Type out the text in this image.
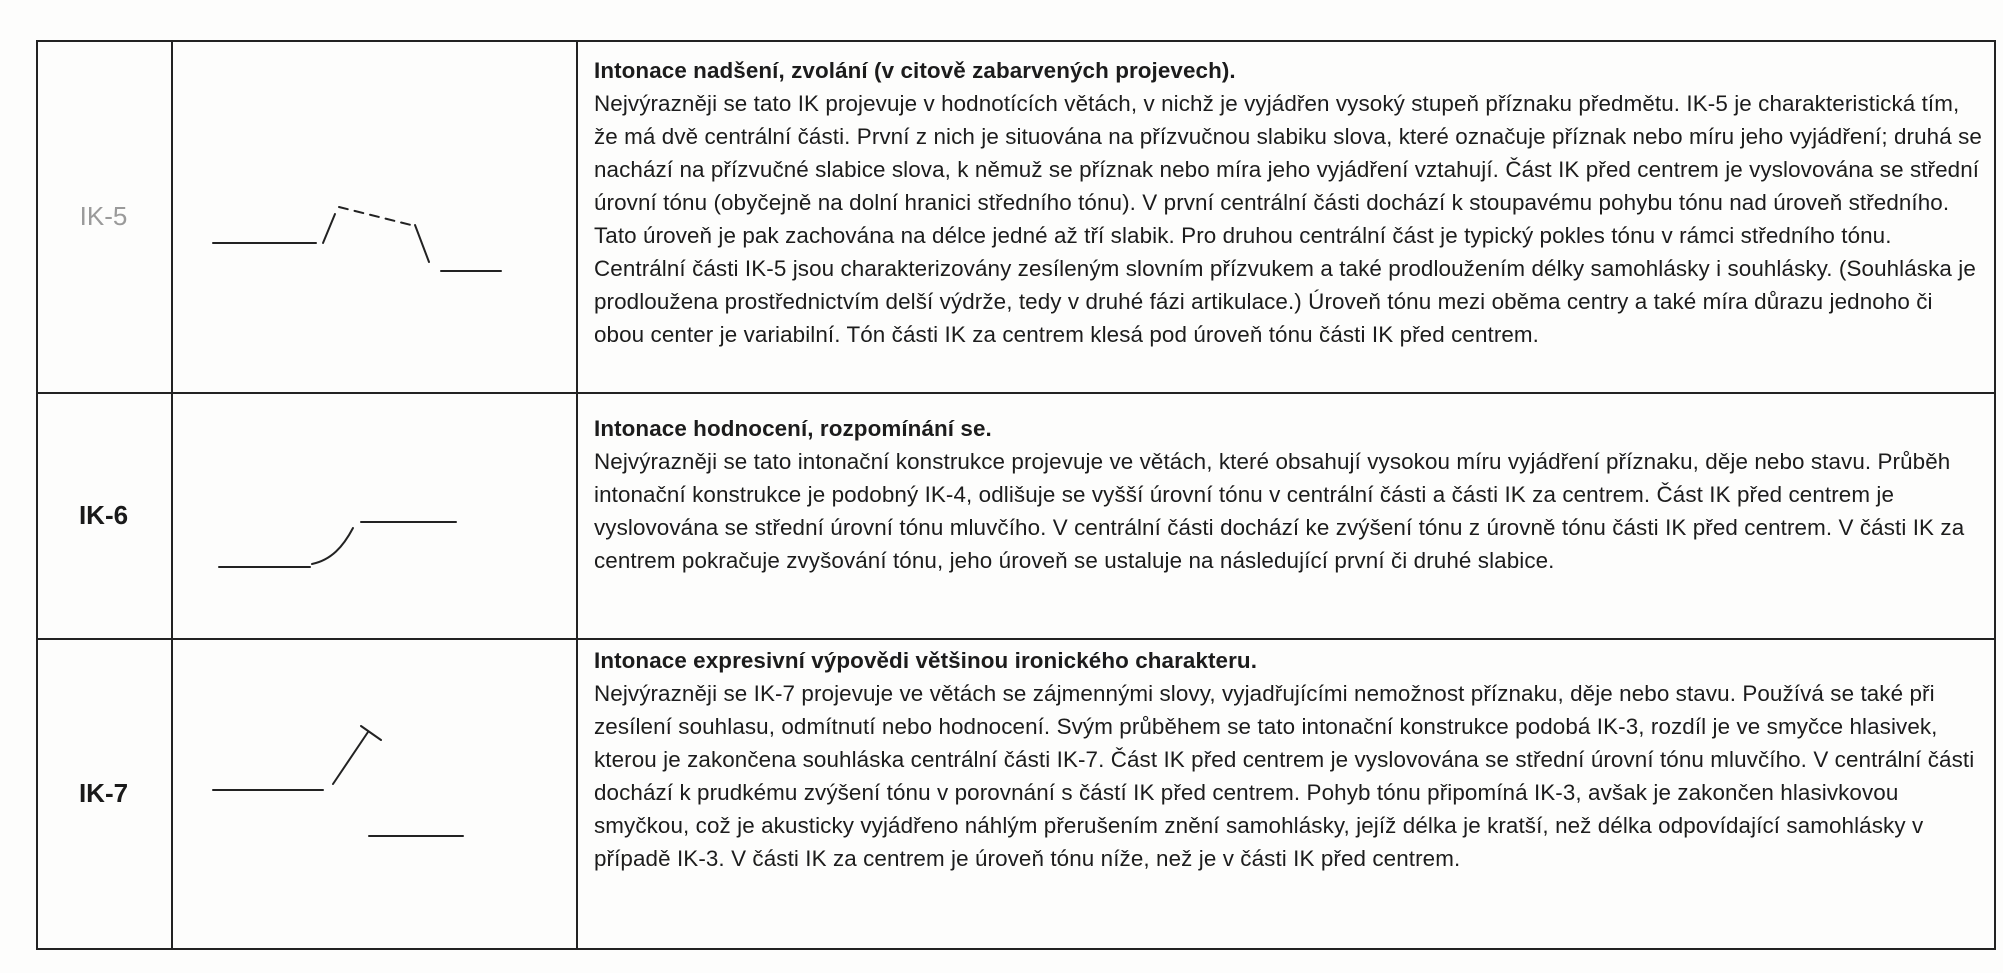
IK-5
Intonace nadšení, zvolání (v citově zabarvených projevech).
Nejvýrazněji se tato IK projevuje v hodnotících větách, v nichž je vyjádřen vysoký stupeň příznaku předmětu. IK-5 je charakteristická tím, že má dvě centrální části. První z nich je situována na přízvučnou slabiku slova, které označuje příznak nebo míru jeho vyjádření; druhá se nachází na přízvučné slabice slova, k němuž se příznak nebo míra jeho vyjádření vztahují. Část IK před centrem je vyslovována se střední úrovní tónu (obyčejně na dolní hranici středního tónu). V první centrální části dochází k stoupavému pohybu tónu nad úroveň středního. Tato úroveň je pak zachována na délce jedné až tří slabik. Pro druhou centrální část je typický pokles tónu v rámci středního tónu. Centrální části IK-5 jsou charakterizovány zesíleným slovním přízvukem a také prodloužením délky samohlásky i souhlásky. (Souhláska je prodloužena prostřednictvím delší výdrže, tedy v druhé fázi artikulace.) Úroveň tónu mezi oběma centry a také míra důrazu jednoho či obou center je variabilní. Tón části IK za centrem klesá pod úroveň tónu části IK před centrem.
IK-6
Intonace hodnocení, rozpomínání se.
Nejvýrazněji se tato intonační konstrukce projevuje ve větách, které obsahují vysokou míru vyjádření příznaku, děje nebo stavu. Průběh intonační konstrukce je podobný IK-4, odlišuje se vyšší úrovní tónu v centrální části a části IK za centrem. Část IK před centrem je vyslovována se střední úrovní tónu mluvčího. V centrální části dochází ke zvýšení tónu z úrovně tónu části IK před centrem. V části IK za centrem pokračuje zvyšování tónu, jeho úroveň se ustaluje na následující první či druhé slabice.
IK-7
Intonace expresivní výpovědi většinou ironického charakteru.
Nejvýrazněji se IK-7 projevuje ve větách se zájmennými slovy, vyjadřujícími nemožnost příznaku, děje nebo stavu. Používá se také při zesílení souhlasu, odmítnutí nebo hodnocení. Svým průběhem se tato intonační konstrukce podobá IK-3, rozdíl je ve smyčce hlasivek, kterou je zakončena souhláska centrální části IK-7. Část IK před centrem je vyslovována se střední úrovní tónu mluvčího. V centrální části dochází k prudkému zvýšení tónu v porovnání s částí IK před centrem. Pohyb tónu připomíná IK-3, avšak je zakončen hlasivkovou smyčkou, což je akusticky vyjádřeno náhlým přerušením znění samohlásky, jejíž délka je kratší, než délka odpovídající samohlásky v případě IK-3. V části IK za centrem je úroveň tónu níže, než je v části IK před centrem.
